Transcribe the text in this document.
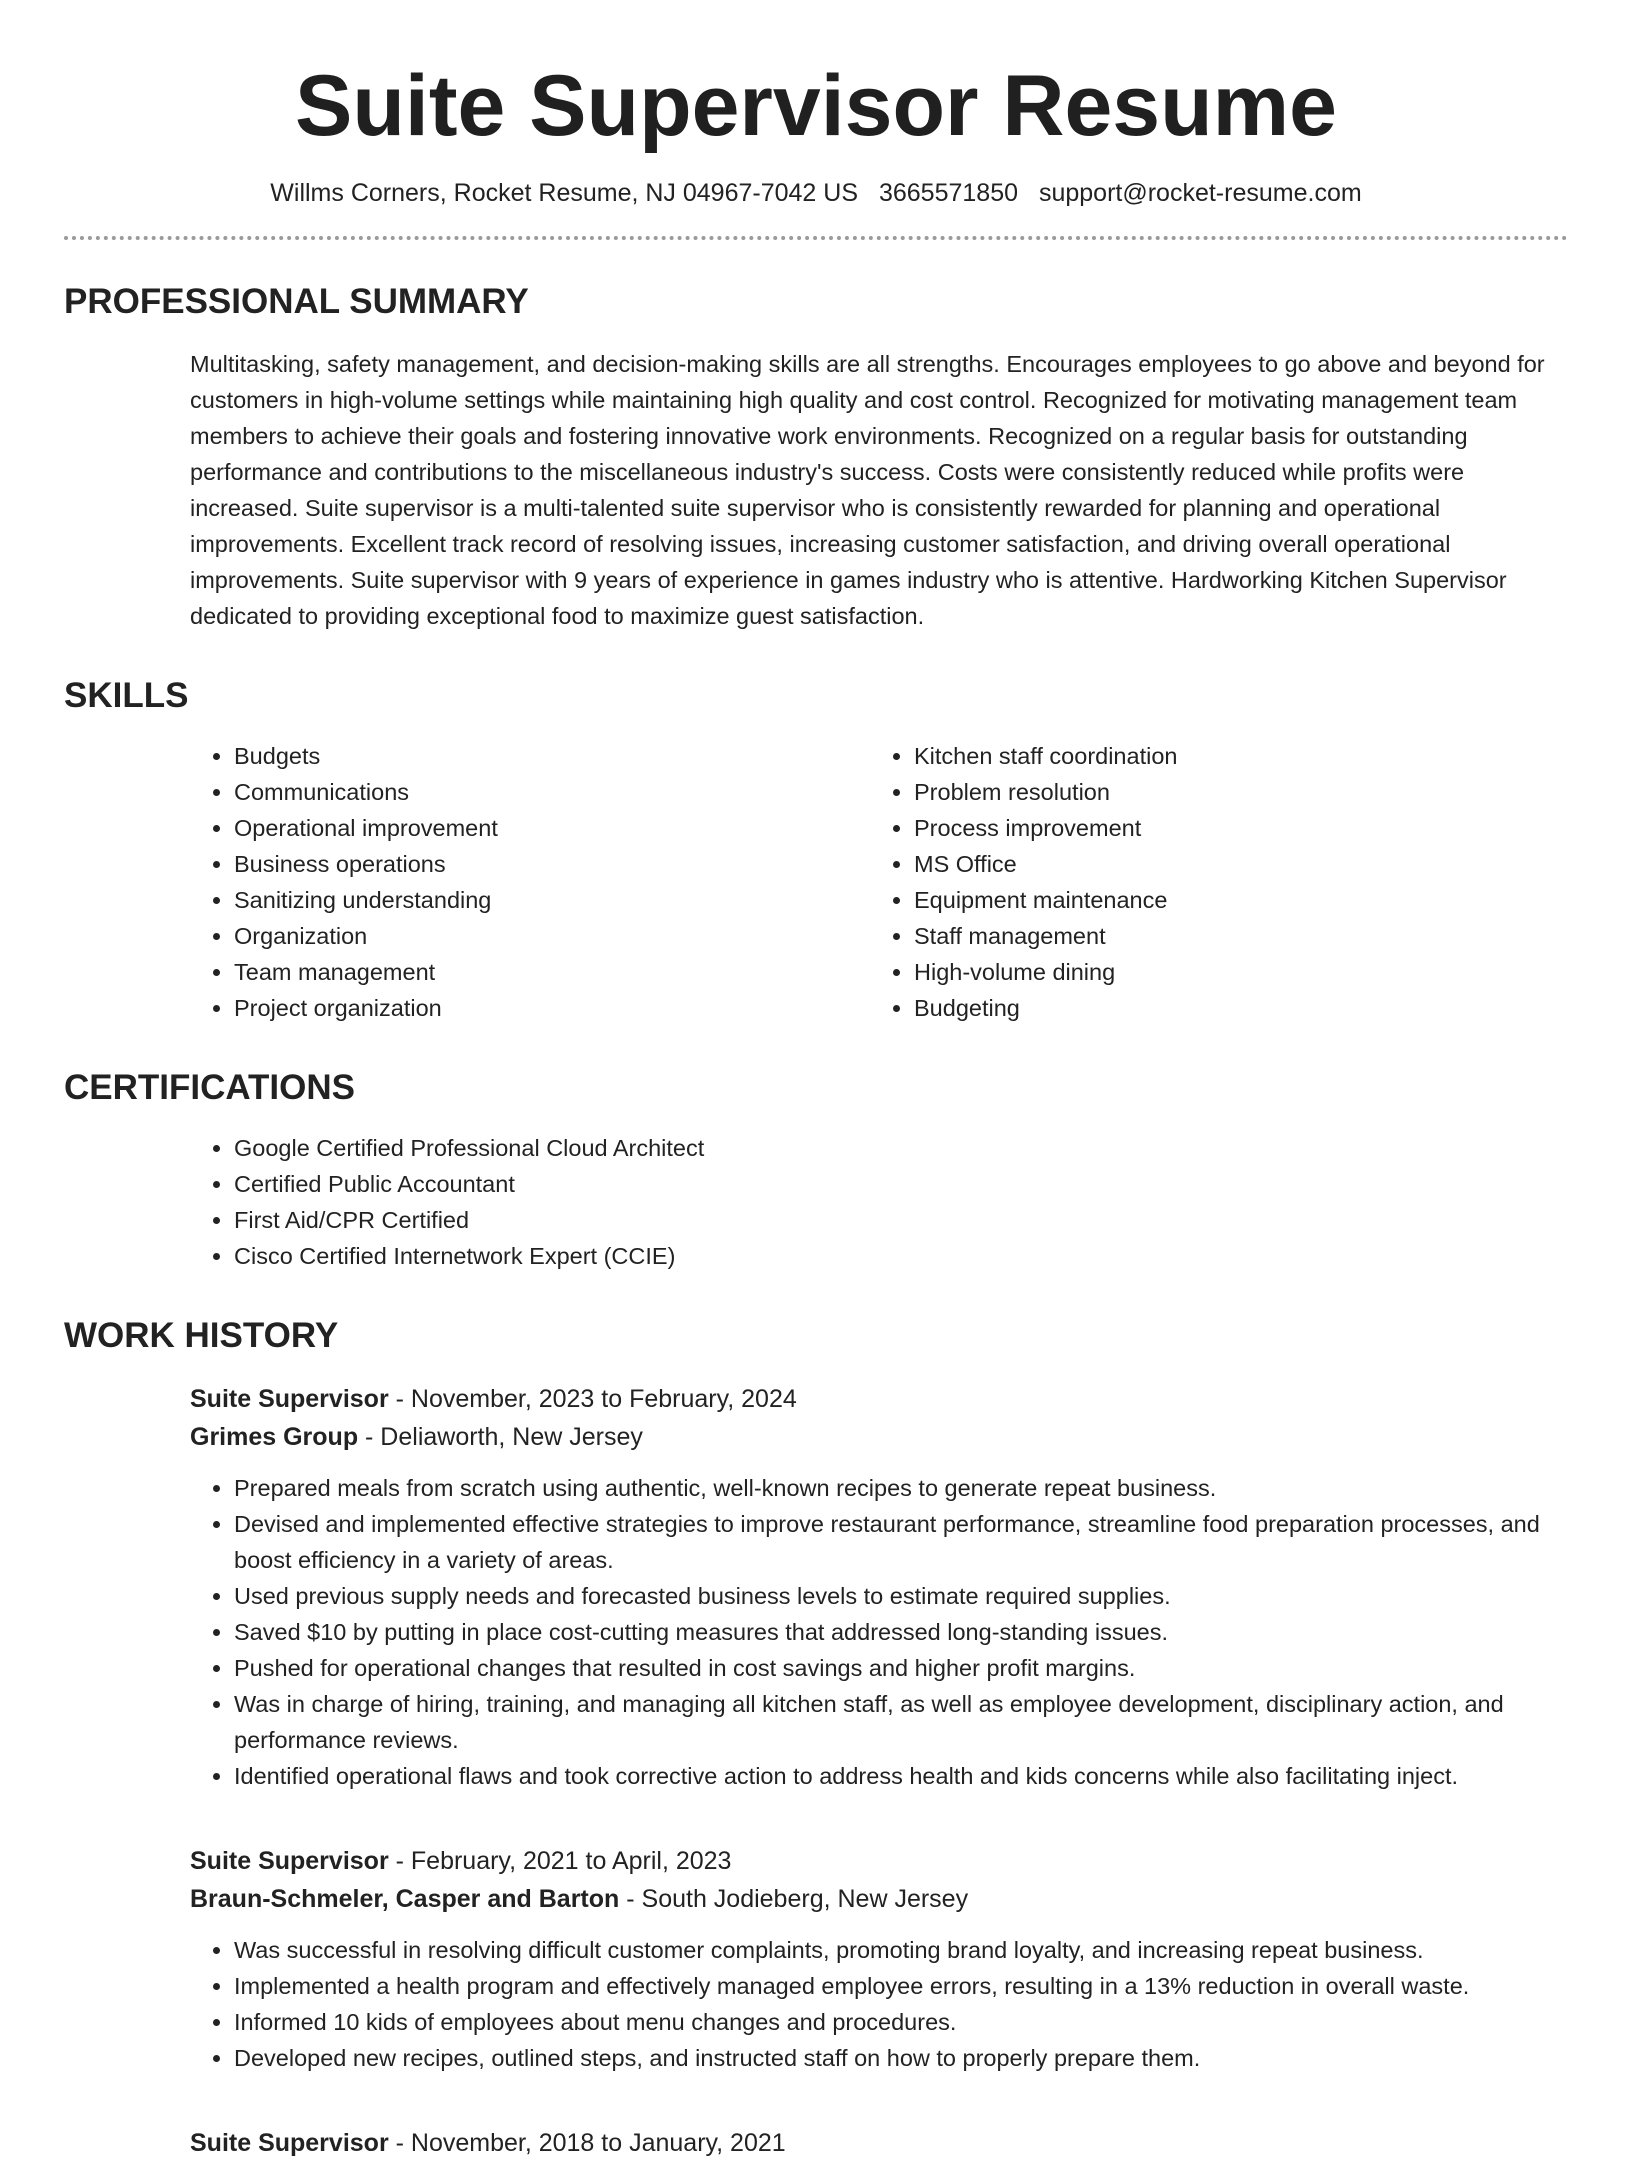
Suite Supervisor Resume
Willms Corners, Rocket Resume, NJ 04967-7042 US 3665571850 support@rocket-resume.com
PROFESSIONAL SUMMARY

Multitasking, safety management, and decision-making skills are all strengths. Encourages employees to go above and beyond for customers in high-volume settings while maintaining high quality and cost control. Recognized for motivating management team members to achieve their goals and fostering innovative work environments. Recognized on a regular basis for outstanding performance and contributions to the miscellaneous industry's success. Costs were consistently reduced while profits were increased. Suite supervisor is a multi-talented suite supervisor who is consistently rewarded for planning and operational improvements. Excellent track record of resolving issues, increasing customer satisfaction, and driving overall operational improvements. Suite supervisor with 9 years of experience in games industry who is attentive. Hardworking Kitchen Supervisor dedicated to providing exceptional food to maximize guest satisfaction.

SKILLS
• Budgets
• Communications
• Operational improvement
• Business operations
• Sanitizing understanding
• Organization
• Team management
• Project organization
• Kitchen staff coordination
• Problem resolution
• Process improvement
• MS Office
• Equipment maintenance
• Staff management
• High-volume dining
• Budgeting
CERTIFICATIONS
• Google Certified Professional Cloud Architect
• Certified Public Accountant
• First Aid/CPR Certified
• Cisco Certified Internetwork Expert (CCIE)
WORK HISTORY
Suite Supervisor - November, 2023 to February, 2024
Grimes Group - Deliaworth, New Jersey
• Prepared meals from scratch using authentic, well-known recipes to generate repeat business.
• Devised and implemented effective strategies to improve restaurant performance, streamline food preparation processes, and boost efficiency in a variety of areas.
• Used previous supply needs and forecasted business levels to estimate required supplies.
• Saved $10 by putting in place cost-cutting measures that addressed long-standing issues.
• Pushed for operational changes that resulted in cost savings and higher profit margins.
• Was in charge of hiring, training, and managing all kitchen staff, as well as employee development, disciplinary action, and performance reviews.
• Identified operational flaws and took corrective action to address health and kids concerns while also facilitating inject.
Suite Supervisor - February, 2021 to April, 2023
Braun-Schmeler, Casper and Barton - South Jodieberg, New Jersey
• Was successful in resolving difficult customer complaints, promoting brand loyalty, and increasing repeat business.
• Implemented a health program and effectively managed employee errors, resulting in a 13% reduction in overall waste.
• Informed 10 kids of employees about menu changes and procedures.
• Developed new recipes, outlined steps, and instructed staff on how to properly prepare them.
Suite Supervisor - November, 2018 to January, 2021
